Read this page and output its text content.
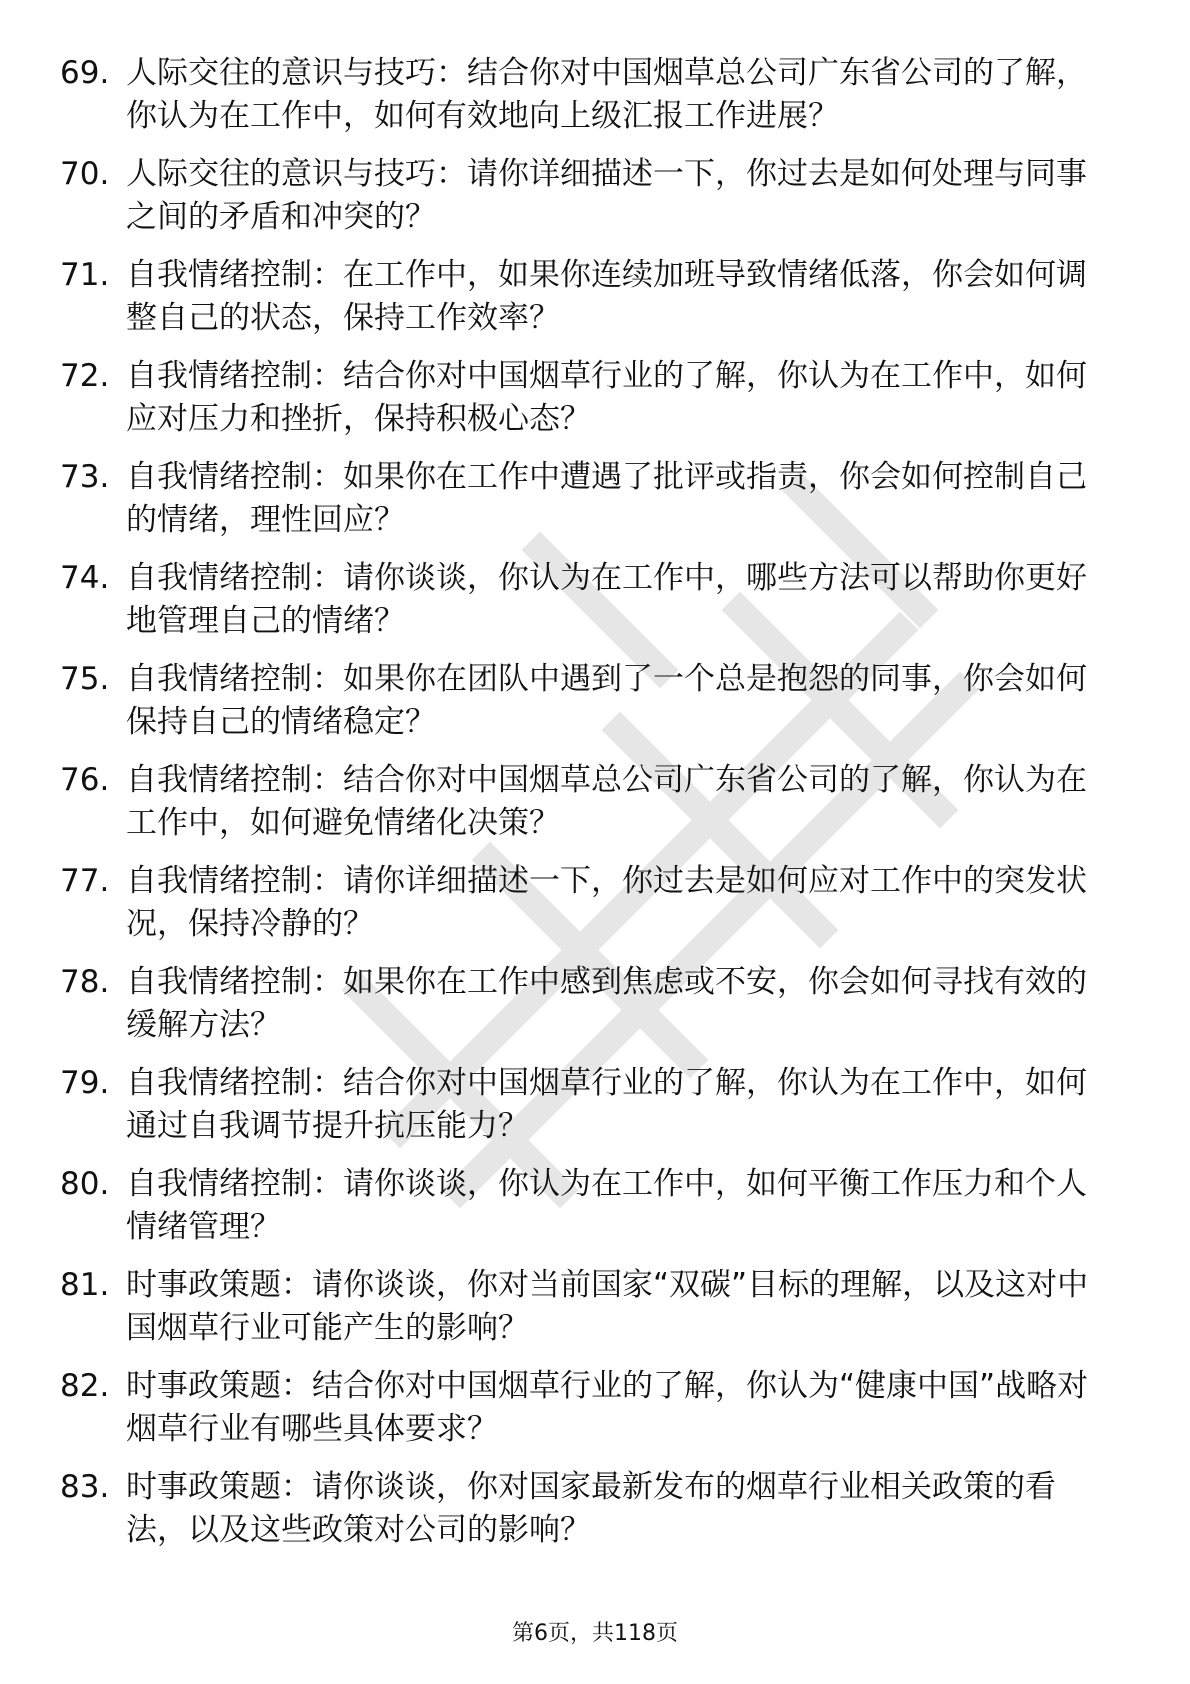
69. 人际交往的意识与技巧：结合你对中国烟草总公司广东省公司的了解，你认为在工作中，如何有效地向上级汇报工作进展？
70. 人际交往的意识与技巧：请你详细描述一下，你过去是如何处理与同事之间的矛盾和冲突的？
71. 自我情绪控制：在工作中，如果你连续加班导致情绪低落，你会如何调整自己的状态，保持工作效率？
72. 自我情绪控制：结合你对中国烟草行业的了解，你认为在工作中，如何应对压力和挫折，保持积极心态？
73. 自我情绪控制：如果你在工作中遭遇了批评或指责，你会如何控制自己的情绪，理性回应？
74. 自我情绪控制：请你谈谈，你认为在工作中，哪些方法可以帮助你更好地管理自己的情绪？
75. 自我情绪控制：如果你在团队中遇到了一个总是抱怨的同事，你会如何保持自己的情绪稳定？
76. 自我情绪控制：结合你对中国烟草总公司广东省公司的了解，你认为在工作中，如何避免情绪化决策？
77. 自我情绪控制：请你详细描述一下，你过去是如何应对工作中的突发状况，保持冷静的？
78. 自我情绪控制：如果你在工作中感到焦虑或不安，你会如何寻找有效的缓解方法？
79. 自我情绪控制：结合你对中国烟草行业的了解，你认为在工作中，如何通过自我调节提升抗压能力？
80. 自我情绪控制：请你谈谈，你认为在工作中，如何平衡工作压力和个人情绪管理？
81. 时事政策题：请你谈谈，你对当前国家“双碳”目标的理解，以及这对中国烟草行业可能产生的影响？
82. 时事政策题：结合你对中国烟草行业的了解，你认为“健康中国”战略对烟草行业有哪些具体要求？
83. 时事政策题：请你谈谈，你对国家最新发布的烟草行业相关政策的看法，以及这些政策对公司的影响？
第6页，共118页
